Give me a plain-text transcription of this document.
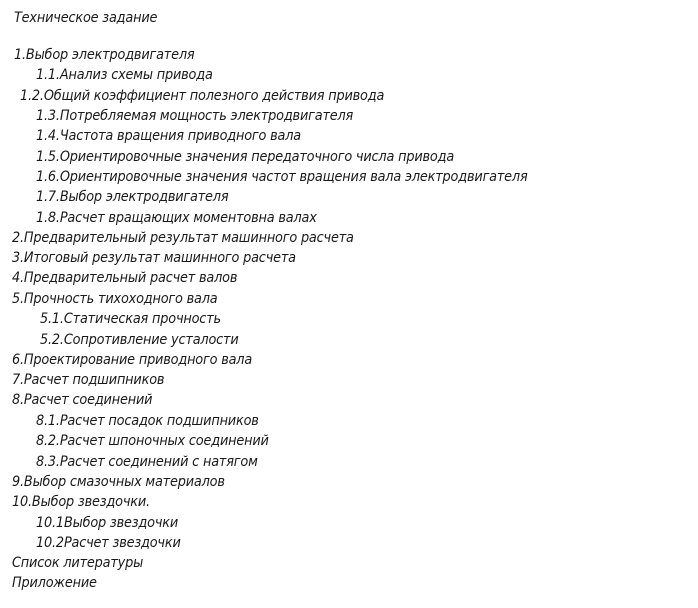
Техническое задание
1.Выбор электродвигателя
1.1.Анализ схемы привода
1.2.Общий коэффициент полезного действия привода
1.3.Потребляемая мощность электродвигателя
1.4.Частота вращения приводного вала
1.5.Ориентировочные значения передаточного числа привода
1.6.Ориентировочные значения частот вращения вала электродвигателя
1.7.Выбор электродвигателя
1.8.Расчет вращающих моментовна валах
2.Предварительный результат машинного расчета
3.Итоговый результат машинного расчета
4.Предварительный расчет валов
5.Прочность тихоходного вала
5.1.Статическая прочность
5.2.Сопротивление усталости
6.Проектирование приводного вала
7.Расчет подшипников
8.Расчет соединений
8.1.Расчет посадок подшипников
8.2.Расчет шпоночных соединений
8.3.Расчет соединений с натягом
9.Выбор смазочных материалов
10.Выбор звездочки.
10.1Выбор звездочки
10.2Расчет звездочки
Список литературы
Приложение
